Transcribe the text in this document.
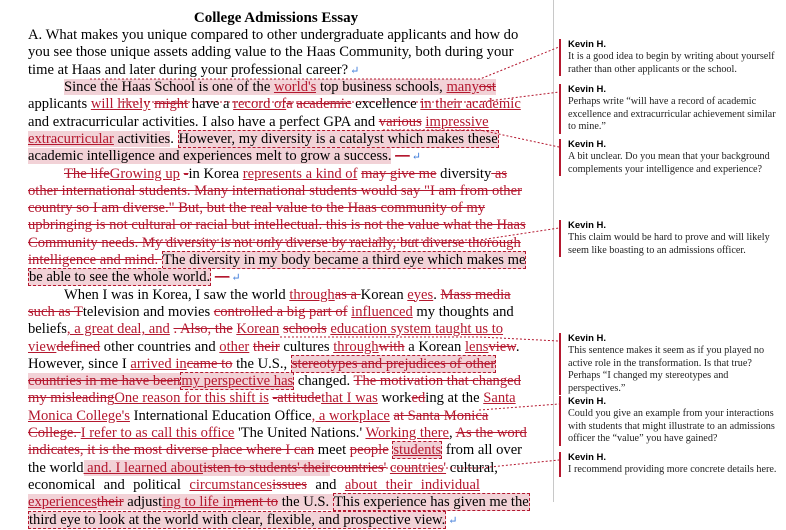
College Admissions Essay
A. What makes you unique compared to other undergraduate applicants and how do
you see those unique assets adding value to the Haas Community, both during your
time at Haas and later during your professional career? ↵
Since the Haas School is one of the world's top business schools, manyost
applicants will likely might have a record ofa academic excellence in their academic
and extracurricular activities. I also have a perfect GPA and various impressive
extracurricular activities. However, my diversity is a catalyst which makes these
academic intelligence and experiences melt to grow a success. — ↵
The lifeGrowing up -in Korea represents a kind of may give me diversity as
other international students. Many international students would say "I am from other
country so I am diverse." But, but the real value to the Haas community of my
upbringing is not cultural or racial but intellectual. this is not the value what the Haas
Community needs. My diversity is not only diverse by racially, but diverse thorough
intelligence and mind. The diversity in my body became a third eye which makes me
be able to see the whole world. — ↵
When I was in Korea, I saw the world throughas a Korean eyes. Mass media
such as Ttelevision and movies controlled a big part of influenced my thoughts and
beliefs, a great deal, and . Also, the Korean schools education system taught us to
viewdefined other countries and other their cultures throughwith a Korean lensview.
However, since I arrived incame to the U.S., stereotypes and prejudices of other
countries in me have beenmy perspective has changed. The motivation that changed
my misleadingOne reason for this shift is -attitudethat I was workeding at the Santa
Monica College's International Education Office, a workplace at Santa Monica
College. I refer to as call this office 'The United Nations.' Working there, As the word
indicates, it is the most diverse place where I can meet people students from all over
the world and. I learned aboutisten to students' theircountries' countries' cultural,
economical and political circumstancesissues and about their individual
experiencestheir adjusting to life inment to the U.S. This experience has given me the
third eye to look at the world with clear, flexible, and prospective view. ↵
Kevin H.
It is a good idea to begin by writing about yourself rather than other applicants or the school.
Kevin H.
Perhaps write “will have a record of academic excellence and extracurricular achievement similar to mine.”
Kevin H.
A bit unclear. Do you mean that your background complements your intelligence and experience?
Kevin H.
This claim would be hard to prove and will likely seem like boasting to an admissions officer.
Kevin H.
This sentence makes it seem as if you played no active role in the transformation. Is that true? Perhaps “I changed my stereotypes and perspectives.”
Kevin H.
Could you give an example from your interactions with students that might illustrate to an admissions officer the “value” you have gained?
Kevin H.
I recommend providing more concrete details here.
